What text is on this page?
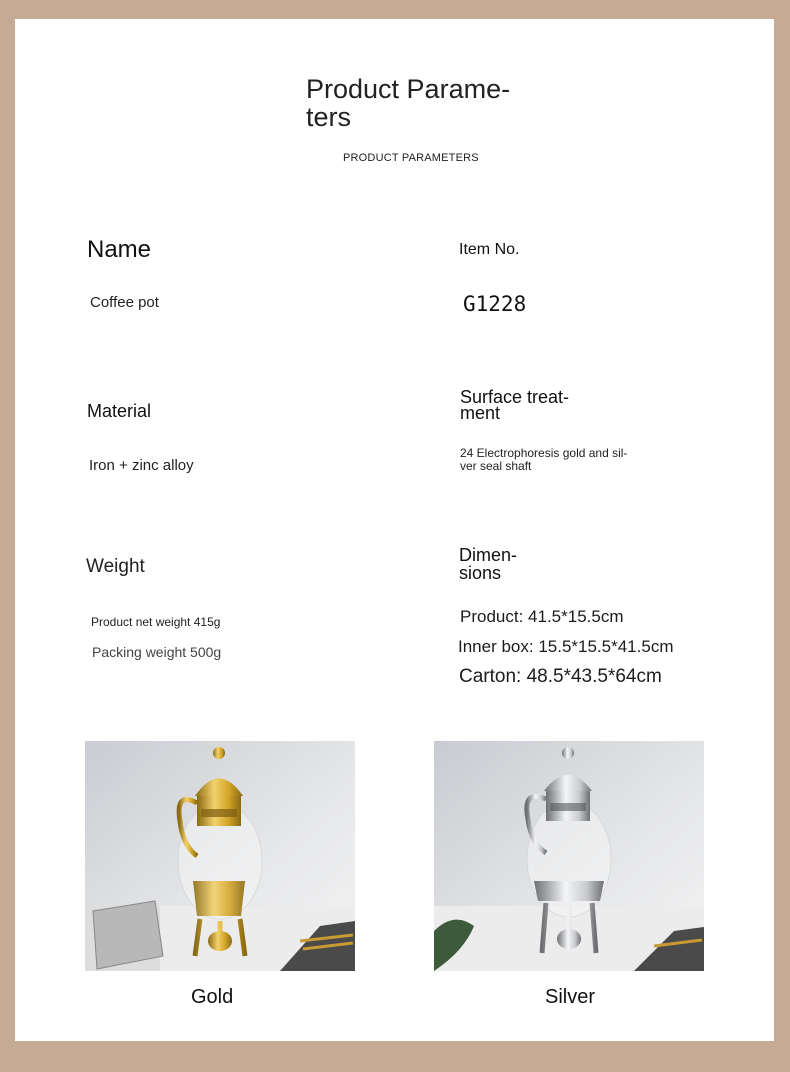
Product Parame- ters
PRODUCT PARAMETERS
Name
Coffee pot
Item No.
G1228
Material
Iron + zinc alloy
Surface treat- ment
24 Electrophoresis gold and sil- ver seal shaft
Weight
Product net weight 415g
Packing weight 500g
Dimen- sions
Product: 41.5*15.5cm
Inner box: 15.5*15.5*41.5cm
Carton: 48.5*43.5*64cm
Gold	Silver
